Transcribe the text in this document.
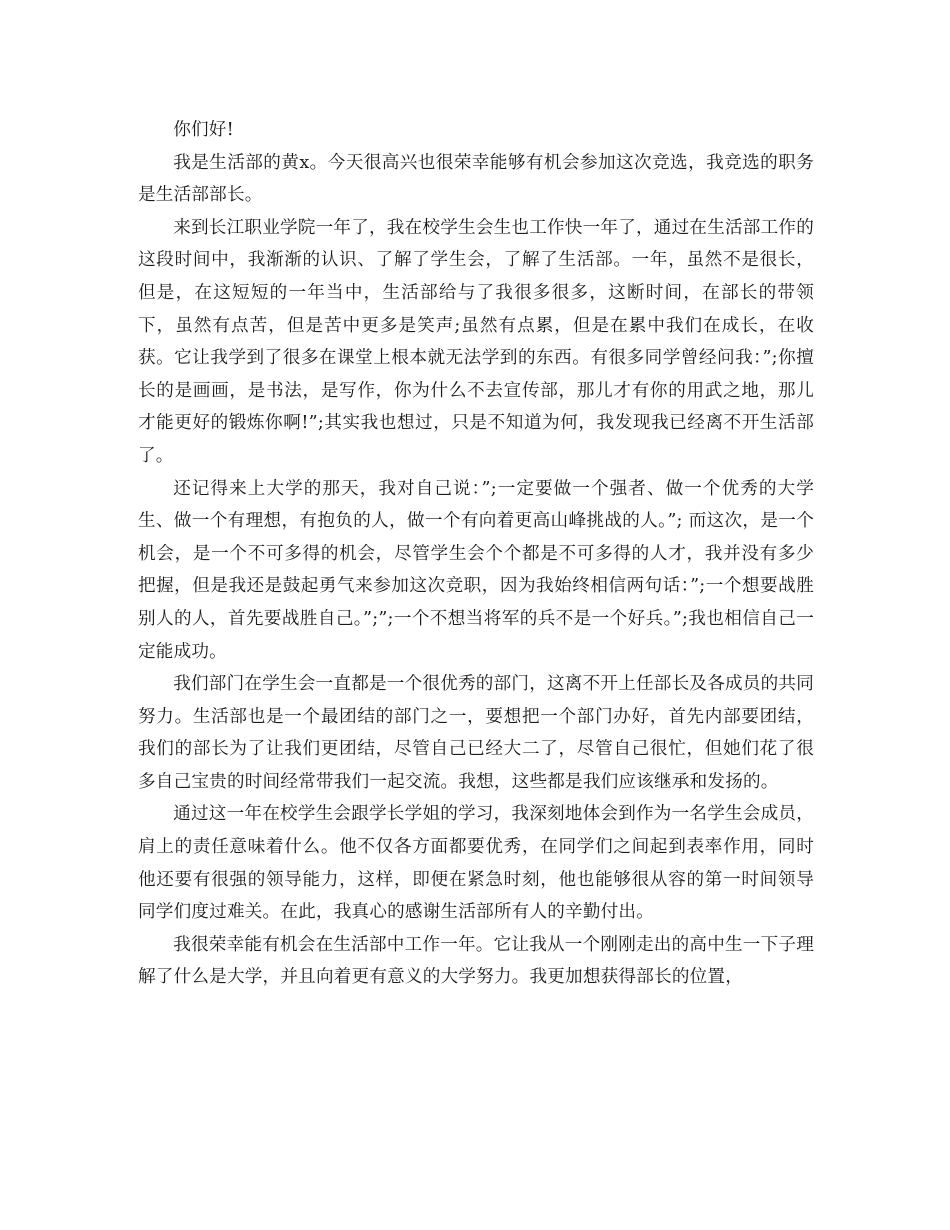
你们好!

我是生活部的黄x。今天很高兴也很荣幸能够有机会参加这次竞选，我竞选的职务是生活部部长。

来到长江职业学院一年了，我在校学生会生也工作快一年了，通过在生活部工作的这段时间中，我渐渐的认识、了解了学生会，了解了生活部。一年，虽然不是很长，但是，在这短短的一年当中，生活部给与了我很多很多，这断时间，在部长的带领下，虽然有点苦，但是苦中更多是笑声;虽然有点累，但是在累中我们在成长，在收获。它让我学到了很多在课堂上根本就无法学到的东西。有很多同学曾经问我：”;你擅长的是画画，是书法，是写作，你为什么不去宣传部，那儿才有你的用武之地，那儿才能更好的锻炼你啊!”;其实我也想过，只是不知道为何，我发现我已经离不开生活部了。

还记得来上大学的那天，我对自己说：”;一定要做一个强者、做一个优秀的大学生、做一个有理想，有抱负的人，做一个有向着更高山峰挑战的人。”; 而这次，是一个机会，是一个不可多得的机会，尽管学生会个个都是不可多得的人才，我并没有多少把握，但是我还是鼓起勇气来参加这次竞职，因为我始终相信两句话：”;一个想要战胜别人的人，首先要战胜自己。”;”;一个不想当将军的兵不是一个好兵。”;我也相信自己一定能成功。

我们部门在学生会一直都是一个很优秀的部门，这离不开上任部长及各成员的共同努力。生活部也是一个最团结的部门之一，要想把一个部门办好，首先内部要团结，我们的部长为了让我们更团结，尽管自己已经大二了，尽管自己很忙，但她们花了很多自己宝贵的时间经常带我们一起交流。我想，这些都是我们应该继承和发扬的。

通过这一年在校学生会跟学长学姐的学习，我深刻地体会到作为一名学生会成员，肩上的责任意味着什么。他不仅各方面都要优秀，在同学们之间起到表率作用，同时他还要有很强的领导能力，这样，即便在紧急时刻，他也能够很从容的第一时间领导同学们度过难关。在此，我真心的感谢生活部所有人的辛勤付出。

我很荣幸能有机会在生活部中工作一年。它让我从一个刚刚走出的高中生一下子理解了什么是大学，并且向着更有意义的大学努力。我更加想获得部长的位置，
